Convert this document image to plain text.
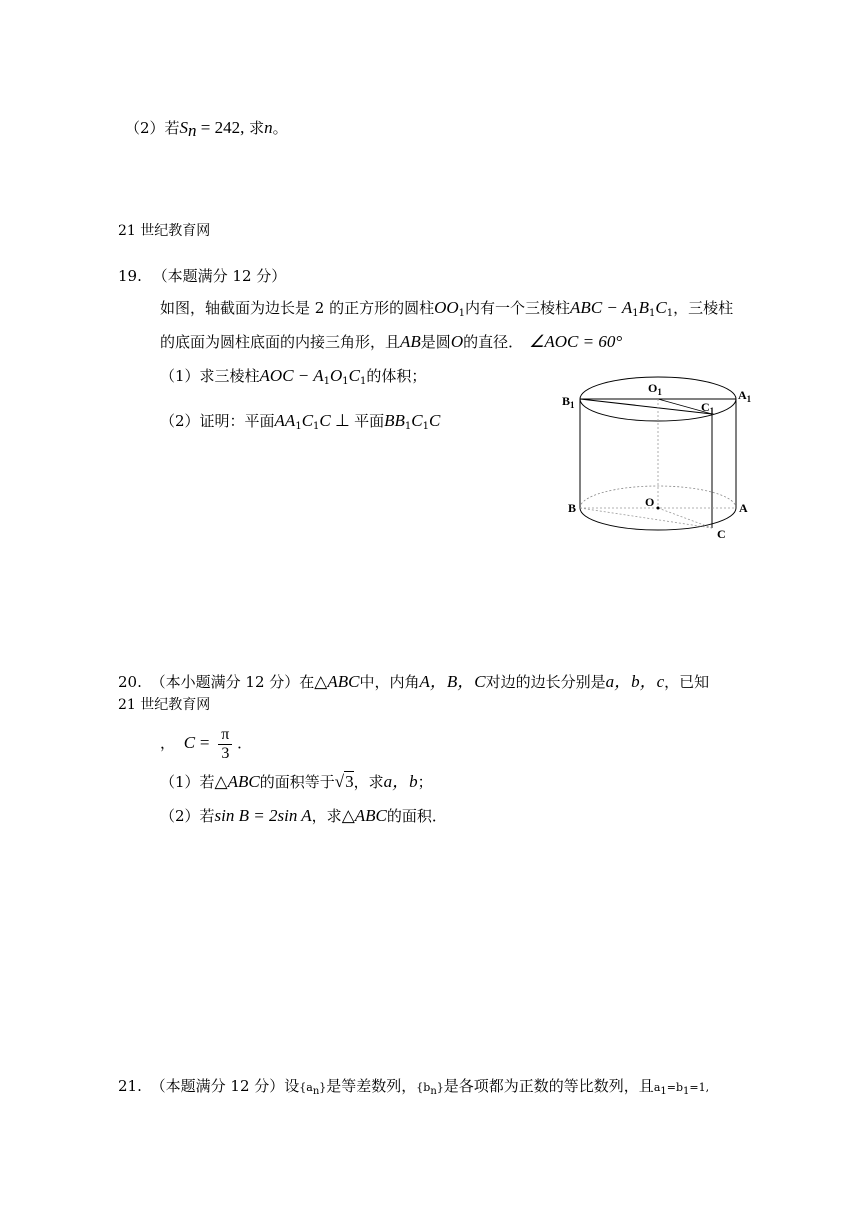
（2）若$S_n = 242$, 求n。
21 世纪教育网
19. （本题满分 12 分）
如图，轴截面为边长是 2 的正方形的圆柱$OO_1$内有一个三棱柱ABC − $A_1B_1C_1$，三棱柱
的底面为圆柱底面的内接三角形，且AB是圆O的直径． ∠AOC = 60°
（1）求三棱柱AOC − $A_1O_1C_1$的体积；
（2）证明：平面$AA_1C_1C$ ⊥ 平面$BB_1C_1C$
$B_1$
$O_1$
$C_1$
$A_1$
B	O	A
C
20. （本小题满分 12 分）在△ABC中，内角A，B，C对边的边长分别是a，b，c，已知
21 世纪教育网
， $C = \frac{\pi}{3}$ ．
（1）若△ABC的面积等于√3，求a，b；
（2）若sin B = 2sin A，求△ABC的面积．
21. （本题满分 12 分）设$\{a_n\}$是等差数列，$\{b_n\}$是各项都为正数的等比数列，且$a_1=b_1=1$,
